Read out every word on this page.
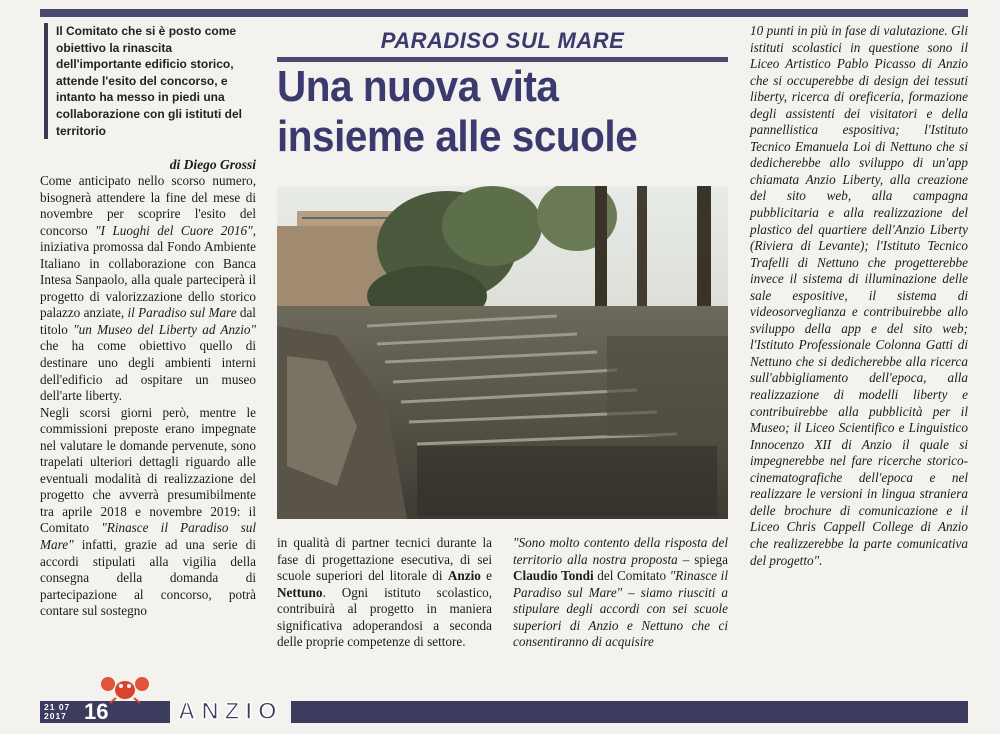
Il Comitato che si è posto come obiettivo la rinascita dell'importante edificio storico, attende l'esito del concorso, e intanto ha messo in piedi una collaborazione con gli istituti del territorio

di Diego Grossi

Come anticipato nello scorso numero, bisognerà attendere la fine del mese di novembre per scoprire l'esito del concorso "I Luoghi del Cuore 2016", iniziativa promossa dal Fondo Ambiente Italiano in collaborazione con Banca Intesa Sanpaolo, alla quale parteciperà il progetto di valorizzazione dello storico palazzo anziate, il Paradiso sul Mare dal titolo "un Museo del Liberty ad Anzio" che ha come obiettivo quello di destinare uno degli ambienti interni dell'edificio ad ospitare un museo dell'arte liberty.

Negli scorsi giorni però, mentre le commissioni preposte erano impegnate nel valutare le domande pervenute, sono trapelati ulteriori dettagli riguardo alle eventuali modalità di realizzazione del progetto che avverrà presumibilmente tra aprile 2018 e novembre 2019: il Comitato "Rinasce il Paradiso sul Mare" infatti, grazie ad una serie di accordi stipulati alla vigilia della consegna della domanda di partecipazione al concorso, potrà contare sul sostegno

PARADISO SUL MARE
Una nuova vita insieme alle scuole

in qualità di partner tecnici durante la fase di progettazione esecutiva, di sei scuole superiori del litorale di Anzio e Nettuno. Ogni istituto scolastico, contribuirà al progetto in maniera significativa adoperandosi a seconda delle proprie competenze di settore.

"Sono molto contento della risposta del territorio alla nostra proposta – spiega Claudio Tondi del Comitato "Rinasce il Paradiso sul Mare" – siamo riusciti a stipulare degli accordi con sei scuole superiori di Anzio e Nettuno che ci consentiranno di acquisire

10 punti in più in fase di valutazione. Gli istituti scolastici in questione sono il Liceo Artistico Pablo Picasso di Anzio che si occuperebbe di design dei tessuti liberty, ricerca di oreficeria, formazione degli assistenti dei visitatori e della pannellistica espositiva; l'Istituto Tecnico Emanuela Loi di Nettuno che si dedicherebbe allo sviluppo di un'app chiamata Anzio Liberty, alla creazione del sito web, alla campagna pubblicitaria e alla realizzazione del plastico del quartiere dell'Anzio Liberty (Riviera di Levante); l'Istituto Tecnico Trafelli di Nettuno che progetterebbe invece il sistema di illuminazione delle sale espositive, il sistema di videosorveglianza e contribuirebbe allo sviluppo della app e del sito web; l'Istituto Professionale Colonna Gatti di Nettuno che si dedicherebbe alla ricerca sull'abbigliamento dell'epoca, alla realizzazione di modelli liberty e contribuirebbe alla pubblicità per il Museo; il Liceo Scientifico e Linguistico Innocenzo XII di Anzio il quale si impegnerebbe nel fare ricerche storico-cinematografiche dell'epoca e nel realizzare le versioni in lingua straniera delle brochure di comunicazione e il Liceo Chris Cappell College di Anzio che realizzerebbe la parte comunicativa del progetto".

21 07
2017 16	ANZIO
